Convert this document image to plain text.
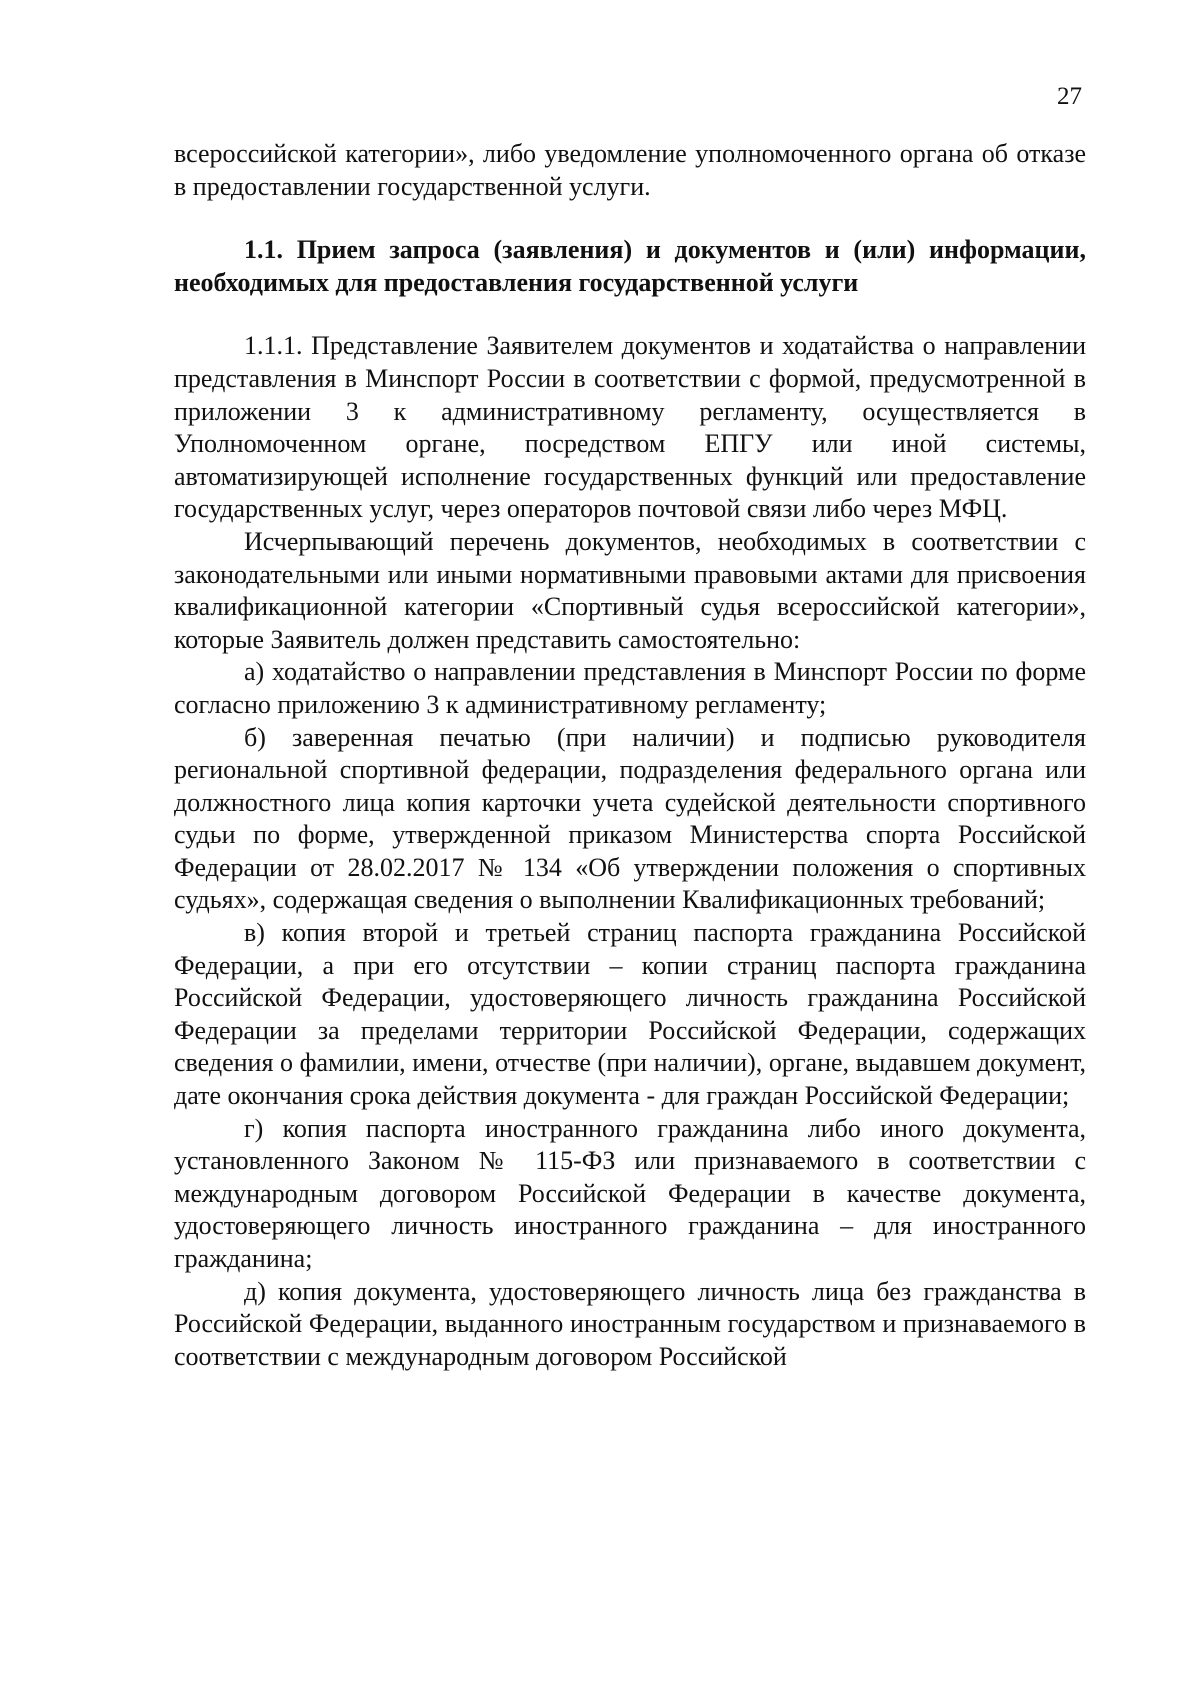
27

всероссийской категории», либо уведомление уполномоченного органа об отказе в предоставлении государственной услуги.

1.1. Прием запроса (заявления) и документов и (или) информации, необходимых для предоставления государственной услуги

1.1.1. Представление Заявителем документов и ходатайства о направлении представления в Минспорт России в соответствии с формой, предусмотренной в приложении 3 к административному регламенту, осуществляется в Уполномоченном органе, посредством ЕПГУ или иной системы, автоматизирующей исполнение государственных функций или предоставление государственных услуг, через операторов почтовой связи либо через МФЦ.

Исчерпывающий перечень документов, необходимых в соответствии с законодательными или иными нормативными правовыми актами для присвоения квалификационной категории «Спортивный судья всероссийской категории», которые Заявитель должен представить самостоятельно:

а) ходатайство о направлении представления в Минспорт России по форме согласно приложению 3 к административному регламенту;

б) заверенная печатью (при наличии) и подписью руководителя региональной спортивной федерации, подразделения федерального органа или должностного лица копия карточки учета судейской деятельности спортивного судьи по форме, утвержденной приказом Министерства спорта Российской Федерации от 28.02.2017 № 134 «Об утверждении положения о спортивных судьях», содержащая сведения о выполнении Квалификационных требований;

в) копия второй и третьей страниц паспорта гражданина Российской Федерации, а при его отсутствии – копии страниц паспорта гражданина Российской Федерации, удостоверяющего личность гражданина Российской Федерации за пределами территории Российской Федерации, содержащих сведения о фамилии, имени, отчестве (при наличии), органе, выдавшем документ, дате окончания срока действия документа - для граждан Российской Федерации;

г) копия паспорта иностранного гражданина либо иного документа, установленного Законом № 115-ФЗ или признаваемого в соответствии с международным договором Российской Федерации в качестве документа, удостоверяющего личность иностранного гражданина – для иностранного гражданина;

д) копия документа, удостоверяющего личность лица без гражданства в Российской Федерации, выданного иностранным государством и признаваемого в соответствии с международным договором Российской
